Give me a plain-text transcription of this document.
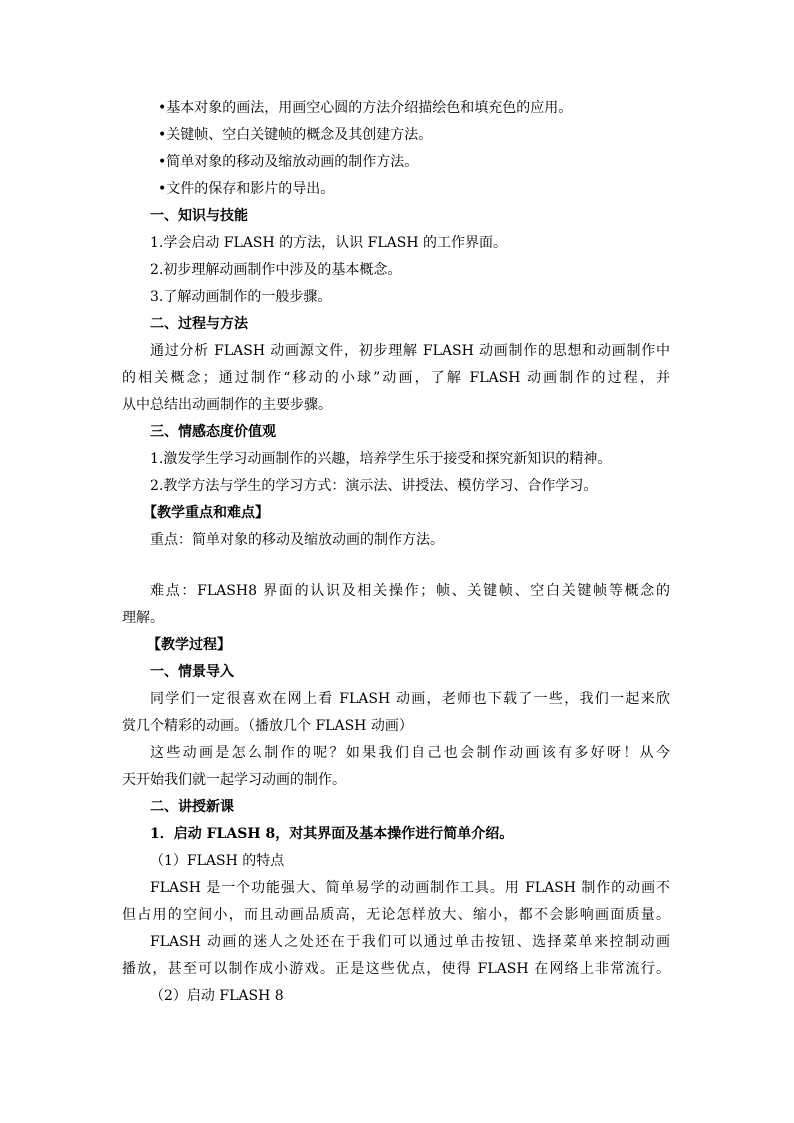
•基本对象的画法，用画空心圆的方法介绍描绘色和填充色的应用。
•关键帧、空白关键帧的概念及其创建方法。
•简单对象的移动及缩放动画的制作方法。
•文件的保存和影片的导出。
一、知识与技能
1.学会启动 FLASH 的方法，认识 FLASH 的工作界面。
2.初步理解动画制作中涉及的基本概念。
3.了解动画制作的一般步骤。
二、过程与方法
通过分析 FLASH 动画源文件，初步理解 FLASH 动画制作的思想和动画制作中
的相关概念；通过制作“移动的小球”动画，了解 FLASH 动画制作的过程，并
从中总结出动画制作的主要步骤。
三、情感态度价值观
1.激发学生学习动画制作的兴趣，培养学生乐于接受和探究新知识的精神。
2.教学方法与学生的学习方式：演示法、讲授法、模仿学习、合作学习。
【教学重点和难点】
重点：简单对象的移动及缩放动画的制作方法。
难点：FLASH8 界面的认识及相关操作；帧、关键帧、空白关键帧等概念的
理解。
【教学过程】
一、情景导入
同学们一定很喜欢在网上看 FLASH 动画，老师也下载了一些，我们一起来欣
赏几个精彩的动画。（播放几个 FLASH 动画）
这些动画是怎么制作的呢？如果我们自己也会制作动画该有多好呀！从今
天开始我们就一起学习动画的制作。
二、讲授新课
1．启动 FLASH 8，对其界面及基本操作进行简单介绍。
（1）FLASH 的特点
FLASH 是一个功能强大、简单易学的动画制作工具。用 FLASH 制作的动画不
但占用的空间小，而且动画品质高，无论怎样放大、缩小，都不会影响画面质量。
FLASH 动画的迷人之处还在于我们可以通过单击按钮、选择菜单来控制动画
播放，甚至可以制作成小游戏。正是这些优点，使得 FLASH 在网络上非常流行。
（2）启动 FLASH 8
